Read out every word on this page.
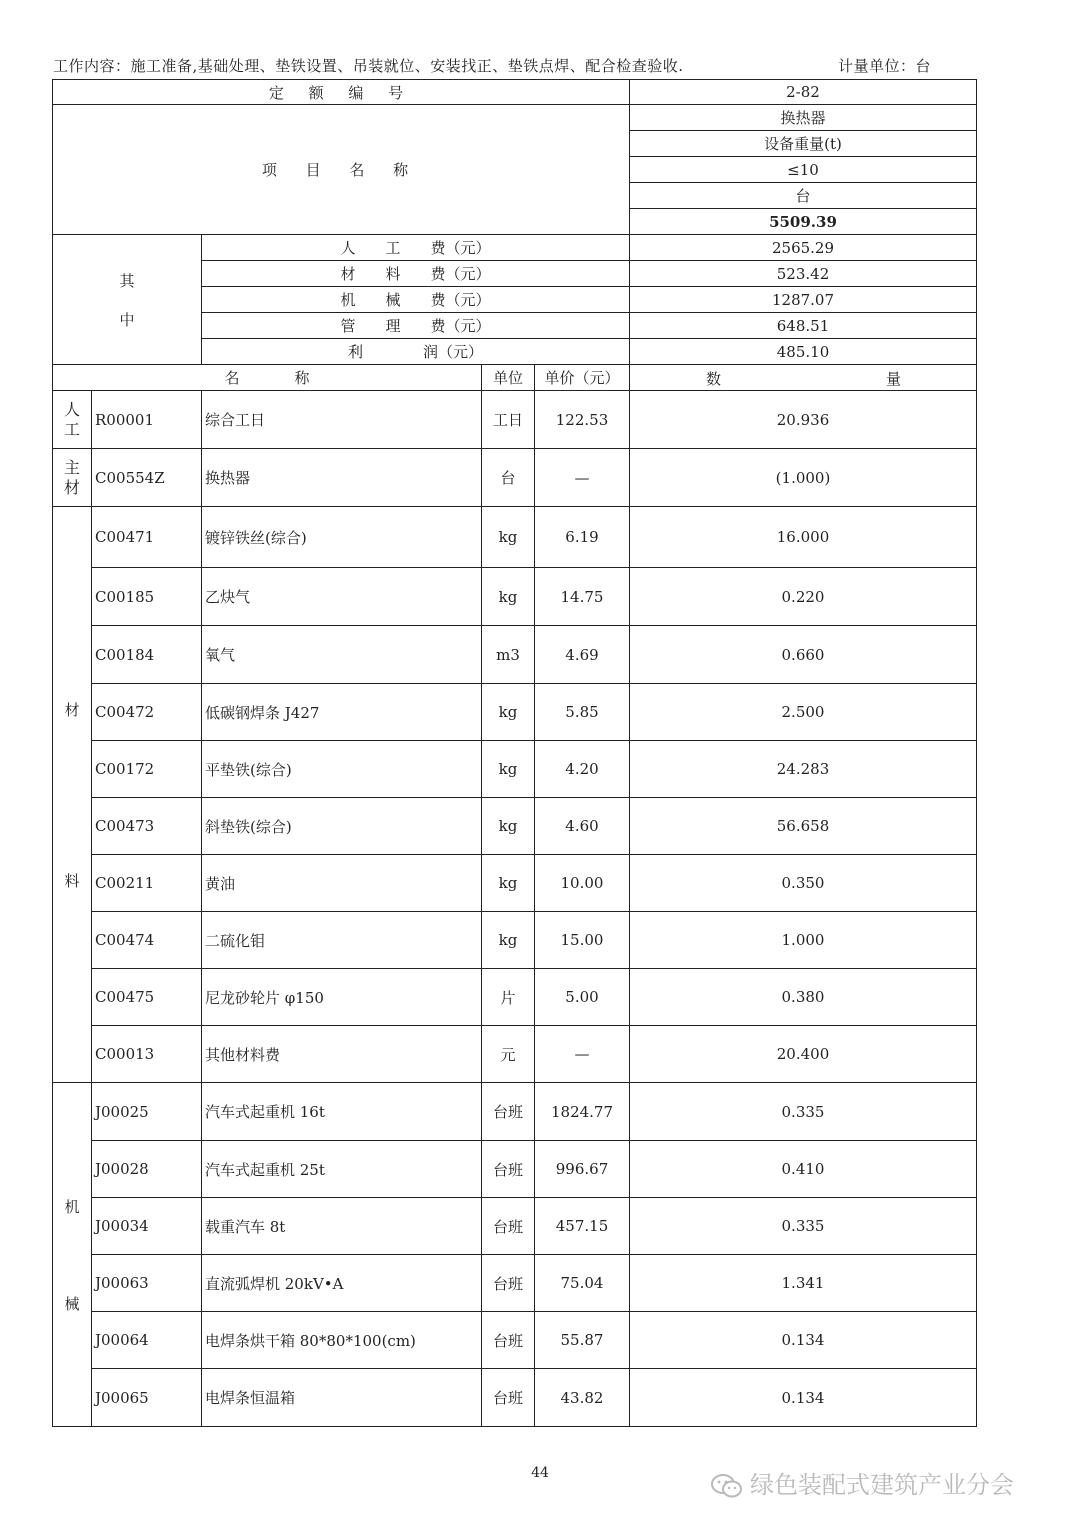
工作内容：施工准备,基础处理、垫铁设置、吊装就位、安装找正、垫铁点焊、配合检查验收.	计量单位：台
定 额 编 号					2-82
项 目 名 称					换热器
					设备重量(t)
					≤10
					台
					5509.39

其
中		人　　工　　费（元）			2565.29
		材　　料　　费（元）			523.42
		机　　械　　费（元）			1287.07
		管　　理　　费（元）			648.51
		利　　　　润（元）			485.10
名 称			单位	单价（元）	数 量

人
工	R00001	综合工日	工日	122.53	20.936

主
材	C00554Z	换热器	台	—	(1.000)

材
料	C00471	镀锌铁丝(综合)	kg	6.19	16.000
	C00185	乙炔气	kg	14.75	0.220
	C00184	氧气	m3	4.69	0.660
	C00472	低碳钢焊条 J427	kg	5.85	2.500
	C00172	平垫铁(综合)	kg	4.20	24.283
	C00473	斜垫铁(综合)	kg	4.60	56.658
	C00211	黄油	kg	10.00	0.350
	C00474	二硫化钼	kg	15.00	1.000
	C00475	尼龙砂轮片 φ150	片	5.00	0.380
	C00013	其他材料费	元	—	20.400

机
械	J00025	汽车式起重机 16t	台班	1824.77	0.335
	J00028	汽车式起重机 25t	台班	996.67	0.410
	J00034	载重汽车 8t	台班	457.15	0.335
	J00063	直流弧焊机 20kV•A	台班	75.04	1.341
	J00064	电焊条烘干箱 80*80*100(cm)	台班	55.87	0.134
	J00065	电焊条恒温箱	台班	43.82	0.134
44	绿色装配式建筑产业分会
